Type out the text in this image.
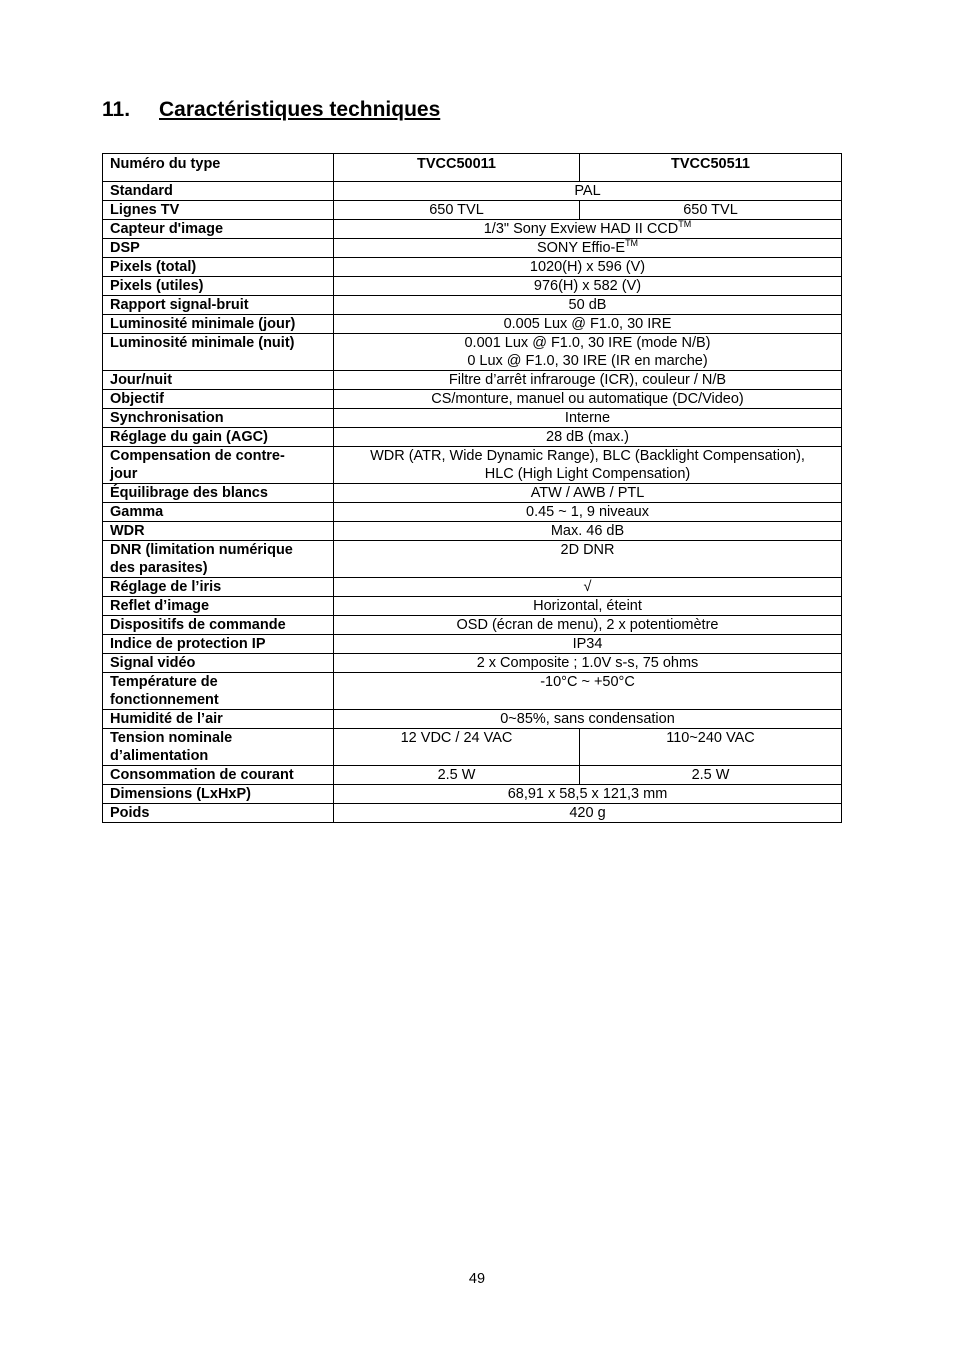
11. Caractéristiques techniques
Numéro du type	TVCC50011	TVCC50511
Standard	PAL	
Lignes TV	650 TVL	650 TVL
Capteur d'image	1/3" Sony Exview HAD II CCD™
DSP	SONY Effio-E™
Pixels (total)	1020(H) x 596 (V)	
Pixels (utiles)	976(H) x 582 (V)	
Rapport signal-bruit	50 dB	
Luminosité minimale (jour)	0.005 Lux @ F1.0, 30 IRE	
Luminosité minimale (nuit)	0.001 Lux @ F1.0, 30 IRE (mode N/B)
0 Lux @ F1.0, 30 IRE (IR en marche)	
Jour/nuit	Filtre d’arrêt infrarouge (ICR), couleur / N/B	
Objectif	CS/monture, manuel ou automatique (DC/Video)	
Synchronisation	Interne	
Réglage du gain (AGC)	28 dB (max.)	
Compensation de contre-
jour	WDR (ATR, Wide Dynamic Range), BLC (Backlight Compensation),
HLC (High Light Compensation)	
Équilibrage des blancs	ATW / AWB / PTL	
Gamma	0.45 ~ 1, 9 niveaux	
WDR	Max. 46 dB	
DNR (limitation numérique
des parasites)	2D DNR	
Réglage de l’iris	√	
Reflet d’image	Horizontal, éteint	
Dispositifs de commande	OSD (écran de menu), 2 x potentiomètre	
Indice de protection IP	IP34	
Signal vidéo	2 x Composite ; 1.0V s-s, 75 ohms	
Température de
fonctionnement	-10°C ~ +50°C	
Humidité de l’air	0~85%, sans condensation	
Tension nominale
d’alimentation	12 VDC / 24 VAC	110~240 VAC
Consommation de courant	2.5 W	2.5 W
Dimensions (LxHxP)	68,91 x 58,5 x 121,3 mm	
Poids	420 g	
49
